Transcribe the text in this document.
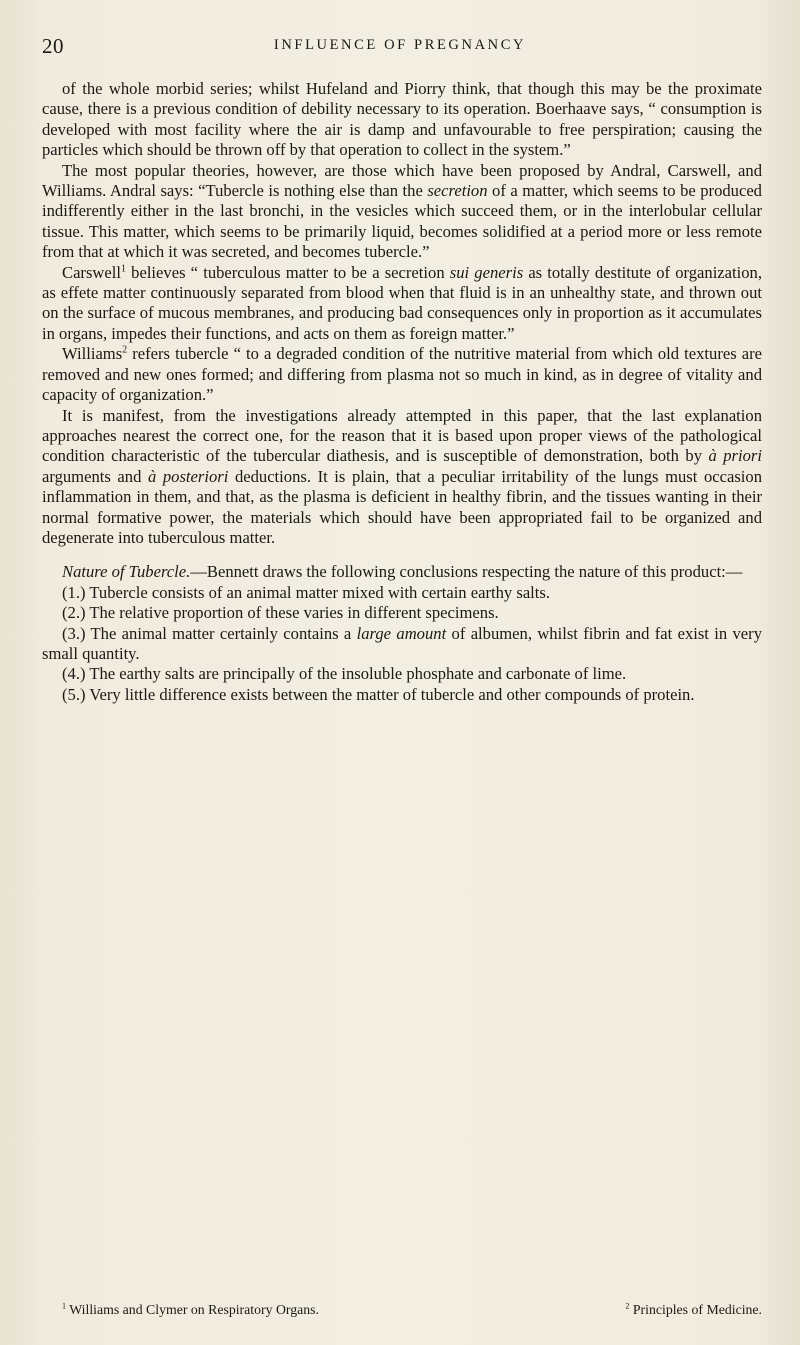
20	INFLUENCE OF PREGNANCY

of the whole morbid series; whilst Hufeland and Piorry think, that though this may be the proximate cause, there is a previous condition of debility necessary to its operation. Boerhaave says, “ consumption is developed with most facility where the air is damp and unfavourable to free perspiration; causing the particles which should be thrown off by that operation to collect in the system.”

The most popular theories, however, are those which have been proposed by Andral, Carswell, and Williams. Andral says: “Tubercle is nothing else than the secretion of a matter, which seems to be produced indifferently either in the last bronchi, in the vesicles which succeed them, or in the interlobular cellular tissue. This matter, which seems to be primarily liquid, becomes solidified at a period more or less remote from that at which it was secreted, and becomes tubercle.”

Carswell$^1$ believes “ tuberculous matter to be a secretion sui generis as totally destitute of organization, as effete matter continuously separated from blood when that fluid is in an unhealthy state, and thrown out on the surface of mucous membranes, and producing bad consequences only in proportion as it accumulates in organs, impedes their functions, and acts on them as foreign matter.”

Williams$^2$ refers tubercle “ to a degraded condition of the nutritive material from which old textures are removed and new ones formed; and differing from plasma not so much in kind, as in degree of vitality and capacity of organization.”

It is manifest, from the investigations already attempted in this paper, that the last explanation approaches nearest the correct one, for the reason that it is based upon proper views of the pathological condition characteristic of the tubercular diathesis, and is susceptible of demonstration, both by à priori arguments and à posteriori deductions. It is plain, that a peculiar irritability of the lungs must occasion inflammation in them, and that, as the plasma is deficient in healthy fibrin, and the tissues wanting in their normal formative power, the materials which should have been appropriated fail to be organized and degenerate into tuberculous matter.

Nature of Tubercle.—Bennett draws the following conclusions respecting the nature of this product:—

(1.) Tubercle consists of an animal matter mixed with certain earthy salts.

(2.) The relative proportion of these varies in different specimens.

(3.) The animal matter certainly contains a large amount of albumen, whilst fibrin and fat exist in very small quantity.

(4.) The earthy salts are principally of the insoluble phosphate and carbonate of lime.

(5.) Very little difference exists between the matter of tubercle and other compounds of protein.

$^1$ Williams and Clymer on Respiratory Organs.	$^2$ Principles of Medicine.
